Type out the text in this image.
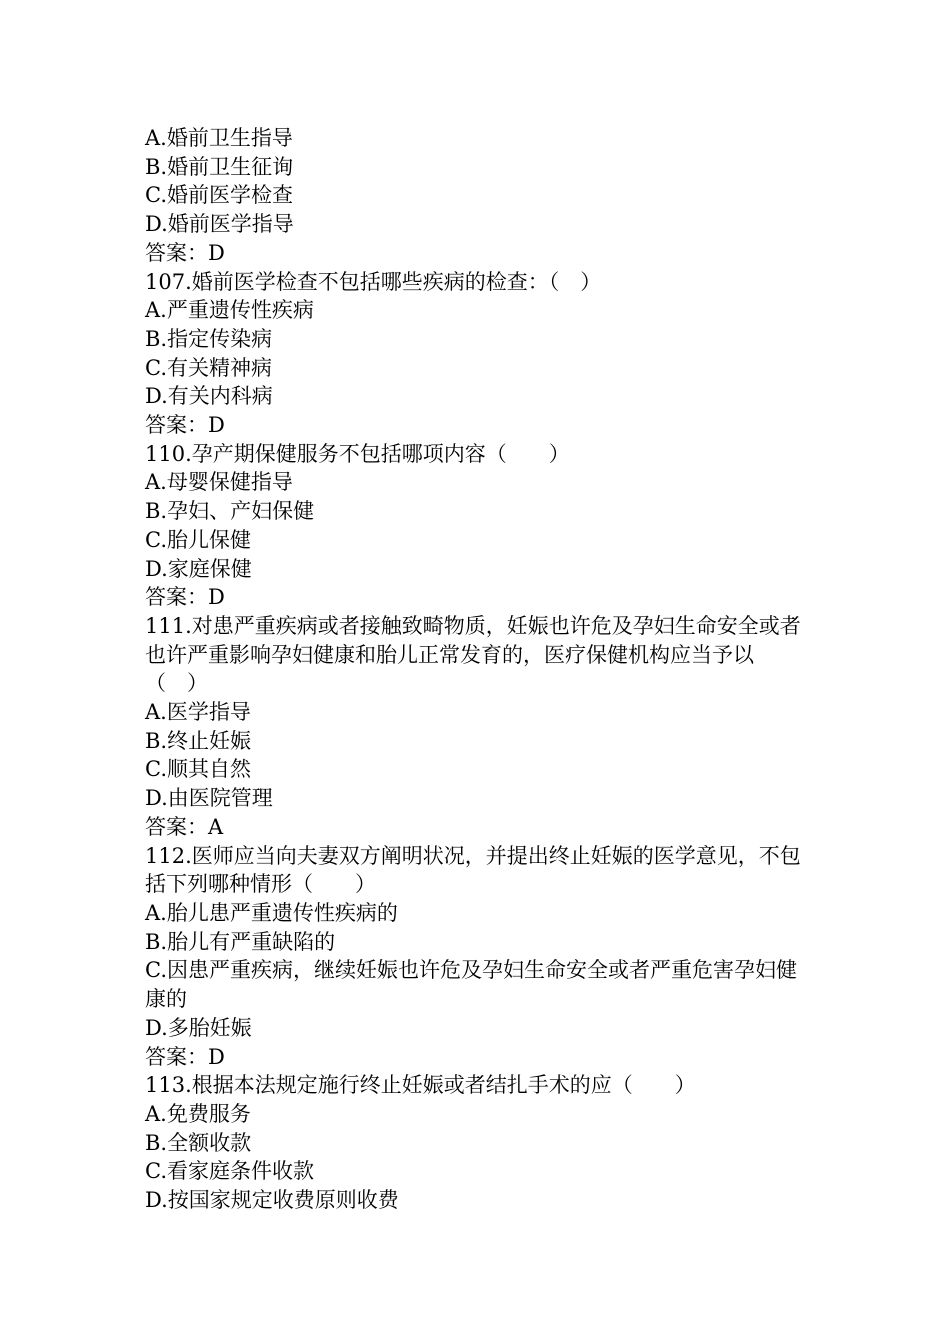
A.婚前卫生指导
B.婚前卫生征询
C.婚前医学检查
D.婚前医学指导
答案：D
107.婚前医学检查不包括哪些疾病的检查：（　）
A.严重遗传性疾病
B.指定传染病
C.有关精神病
D.有关内科病
答案：D
110.孕产期保健服务不包括哪项内容（　　）
A.母婴保健指导
B.孕妇、产妇保健
C.胎儿保健
D.家庭保健
答案：D
111.对患严重疾病或者接触致畸物质，妊娠也许危及孕妇生命安全或者也许严重影响孕妇健康和胎儿正常发育的，医疗保健机构应当予以（　）
A.医学指导
B.终止妊娠
C.顺其自然
D.由医院管理
答案：A
112.医师应当向夫妻双方阐明状况，并提出终止妊娠的医学意见，不包括下列哪种情形（　　）
A.胎儿患严重遗传性疾病的
B.胎儿有严重缺陷的
C.因患严重疾病，继续妊娠也许危及孕妇生命安全或者严重危害孕妇健康的
D.多胎妊娠
答案：D
113.根据本法规定施行终止妊娠或者结扎手术的应（　　）
A.免费服务
B.全额收款
C.看家庭条件收款
D.按国家规定收费原则收费
